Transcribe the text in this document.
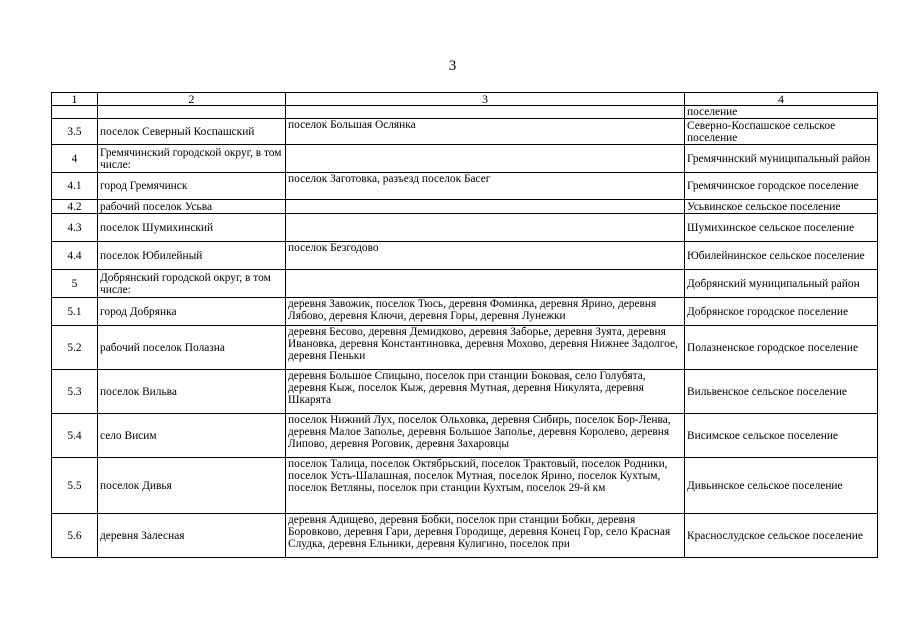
3
1	2	3	4
			поселение
3.5	поселок Северный Коспашский	поселок Большая Ослянка	Северно-Коспашское сельское поселение
4	Гремячинский городской округ, в том числе:		Гремячинский муниципальный район
4.1	город Гремячинск	поселок Заготовка, разъезд поселок Басег	Гремячинское городское поселение
4.2	рабочий поселок Усьва		Усьвинское сельское поселение
4.3	поселок Шумихинский		Шумихинское сельское поселение
4.4	поселок Юбилейный	поселок Безгодово	Юбилейнинское сельское поселение
5	Добрянский городской округ, в том числе:		Добрянский муниципальный район
5.1	город Добрянка	деревня Завожик, поселок Тюсь, деревня Фоминка, деревня Ярино, деревня Лябово, деревня Ключи, деревня Горы, деревня Лунежки	Добрянское городское поселение
5.2	рабочий поселок Полазна	деревня Бесово, деревня Демидково, деревня Заборье, деревня Зуята, деревня Ивановка, деревня Константиновка, деревня Мохово, деревня Нижнее Задолгое, деревня Пеньки	Полазненское городское поселение
5.3	поселок Вильва	деревня Большое Спицыно, поселок при станции Боковая, село Голубята, деревня Кыж, поселок Кыж, деревня Мутная, деревня Никулята, деревня Шкарята	Вильвенское сельское поселение
5.4	село Висим	поселок Нижний Лух, поселок Ольховка, деревня Сибирь, поселок Бор-Ленва, деревня Малое Заполье, деревня Большое Заполье, деревня Королево, деревня Липово, деревня Роговик, деревня Захаровцы	Висимское сельское поселение
5.5	поселок Дивья	поселок Талица, поселок Октябрьский, поселок Трактовый, поселок Родники, поселок Усть-Шалашная, поселок Мутная, поселок Ярино, поселок Кухтым, поселок Ветляны, поселок при станции Кухтым, поселок 29-й км	Дивьинское сельское поселение
5.6	деревня Залесная	деревня Адищево, деревня Бобки, поселок при станции Бобки, деревня Боровково, деревня Гари, деревня Городище, деревня Конец Гор, село Красная Слудка, деревня Ельники, деревня Кулигино, поселок при	Краснослудское сельское поселение
